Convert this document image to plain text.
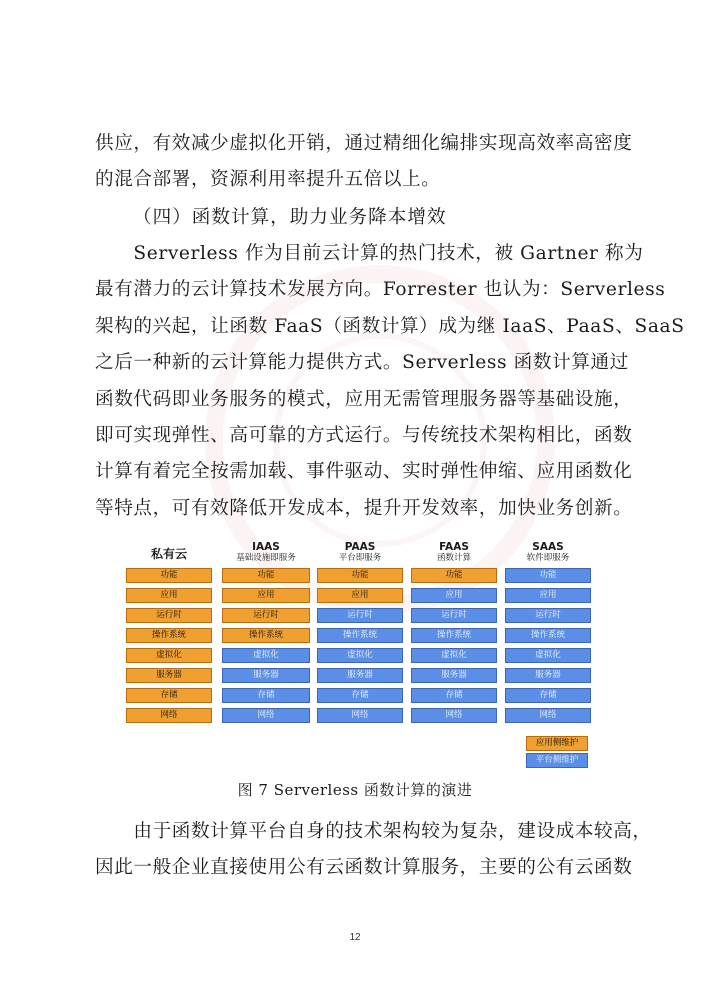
供应，有效减少虚拟化开销，通过精细化编排实现高效率高密度
的混合部署，资源利用率提升五倍以上。
（四）函数计算，助力业务降本增效
　　Serverless 作为目前云计算的热门技术，被 Gartner 称为
最有潜力的云计算技术发展方向。Forrester 也认为：Serverless
架构的兴起，让函数 FaaS（函数计算）成为继 IaaS、PaaS、SaaS
之后一种新的云计算能力提供方式。Serverless 函数计算通过
函数代码即业务服务的模式，应用无需管理服务器等基础设施，
即可实现弹性、高可靠的方式运行。与传统技术架构相比，函数
计算有着完全按需加载、事件驱动、实时弹性伸缩、应用函数化
等特点，可有效降低开发成本，提升开发效率，加快业务创新。
私有云	IAAS
基础设施即服务
PAAS
平台即服务
FAAS
函数计算
SAAS
软件即服务
功能
应用
运行时
操作系统
虚拟化
服务器
存储
网络
功能
应用
运行时
操作系统
虚拟化
服务器
存储
网络
功能
应用
运行时
操作系统
虚拟化
服务器
存储
网络
功能
应用
运行时
操作系统
虚拟化
服务器
存储
网络
功能
应用
运行时
操作系统
虚拟化
服务器
存储
网络
应用侧维护
平台侧维护
图 7 Serverless 函数计算的演进
　　由于函数计算平台自身的技术架构较为复杂，建设成本较高，
因此一般企业直接使用公有云函数计算服务，主要的公有云函数
12
